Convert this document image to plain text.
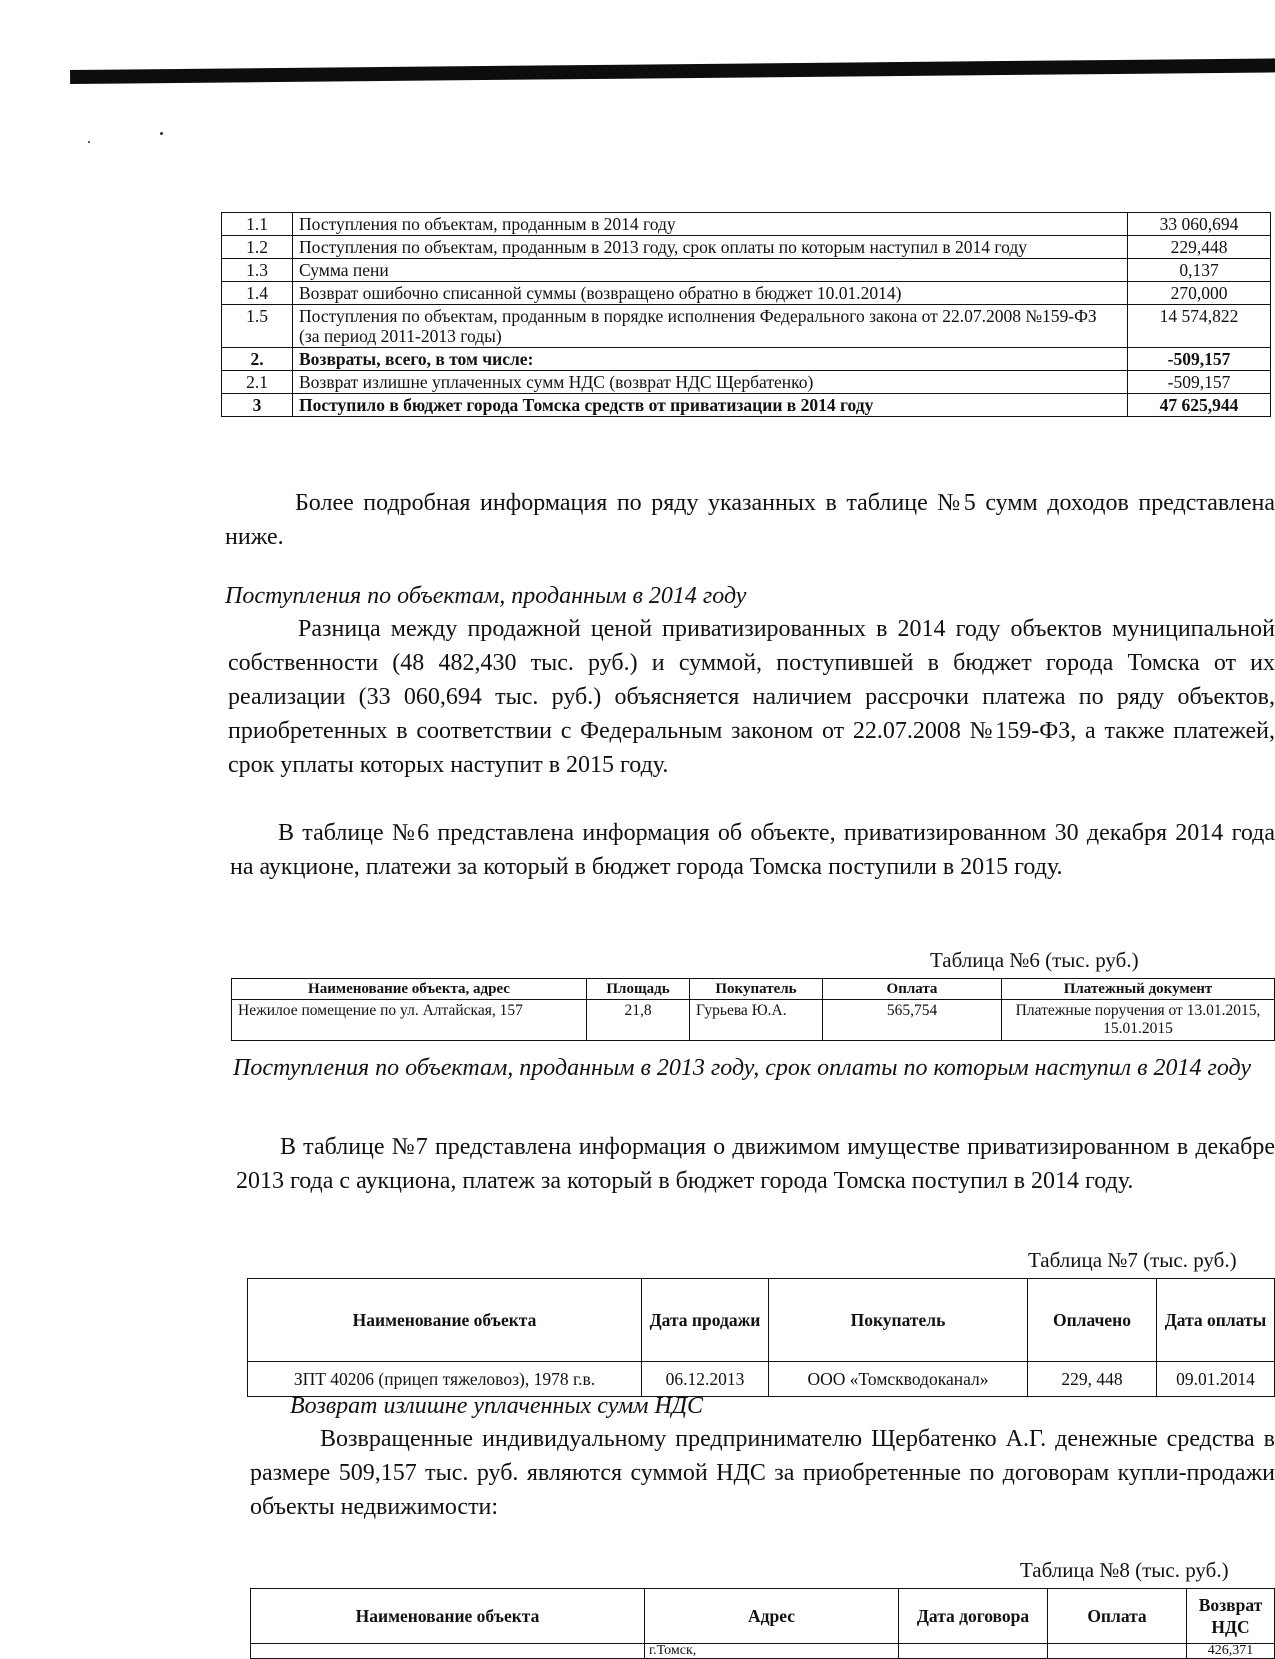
1.1	Поступления по объектам, проданным в 2014 году	33 060,694
1.2	Поступления по объектам, проданным в 2013 году, срок оплаты по которым наступил в 2014 году	229,448
1.3	Сумма пени	0,137
1.4	Возврат ошибочно списанной суммы (возвращено обратно в бюджет 10.01.2014)	270,000
1.5	Поступления по объектам, проданным в порядке исполнения Федерального закона от 22.07.2008 №159-ФЗ (за период 2011-2013 годы)	14 574,822
2.	Возвраты, всего, в том числе:	-509,157
2.1	Возврат излишне уплаченных сумм НДС (возврат НДС Щербатенко)	-509,157
3	Поступило в бюджет города Томска средств от приватизации в 2014 году	47 625,944
Более подробная информация по ряду указанных в таблице №5 сумм доходов представлена ниже.
Поступления по объектам, проданным в 2014 году
Разница между продажной ценой приватизированных в 2014 году объектов муниципальной собственности (48 482,430 тыс. руб.) и суммой, поступившей в бюджет города Томска от их реализации (33 060,694 тыс. руб.) объясняется наличием рассрочки платежа по ряду объектов, приобретенных в соответствии с Федеральным законом от 22.07.2008 №159-ФЗ, а также платежей, срок уплаты которых наступит в 2015 году.
В таблице №6 представлена информация об объекте, приватизированном 30 декабря 2014 года на аукционе, платежи за который в бюджет города Томска поступили в 2015 году.
Таблица №6 (тыс. руб.)
Наименование объекта, адрес	Площадь	Покупатель	Оплата	Платежный документ
Нежилое помещение по ул. Алтайская, 157	21,8	Гурьева Ю.А.	565,754	Платежные поручения от 13.01.2015, 15.01.2015
Поступления по объектам, проданным в 2013 году, срок оплаты по которым наступил в 2014 году
В таблице №7 представлена информация о движимом имуществе приватизированном в декабре 2013 года с аукциона, платеж за который в бюджет города Томска поступил в 2014 году.
Таблица №7 (тыс. руб.)
Наименование объекта	Дата продажи	Покупатель	Оплачено	Дата оплаты
ЗПТ 40206 (прицеп тяжеловоз), 1978 г.в.	06.12.2013	ООО «Томскводоканал»	229, 448	09.01.2014
Возврат излишне уплаченных сумм НДС
Возвращенные индивидуальному предпринимателю Щербатенко А.Г. денежные средства в размере 509,157 тыс. руб. являются суммой НДС за приобретенные по договорам купли-продажи объекты недвижимости:
Таблица №8 (тыс. руб.)
Наименование объекта	Адрес	Дата договора	Оплата	Возврат НДС
	г.Томск,			426,371
